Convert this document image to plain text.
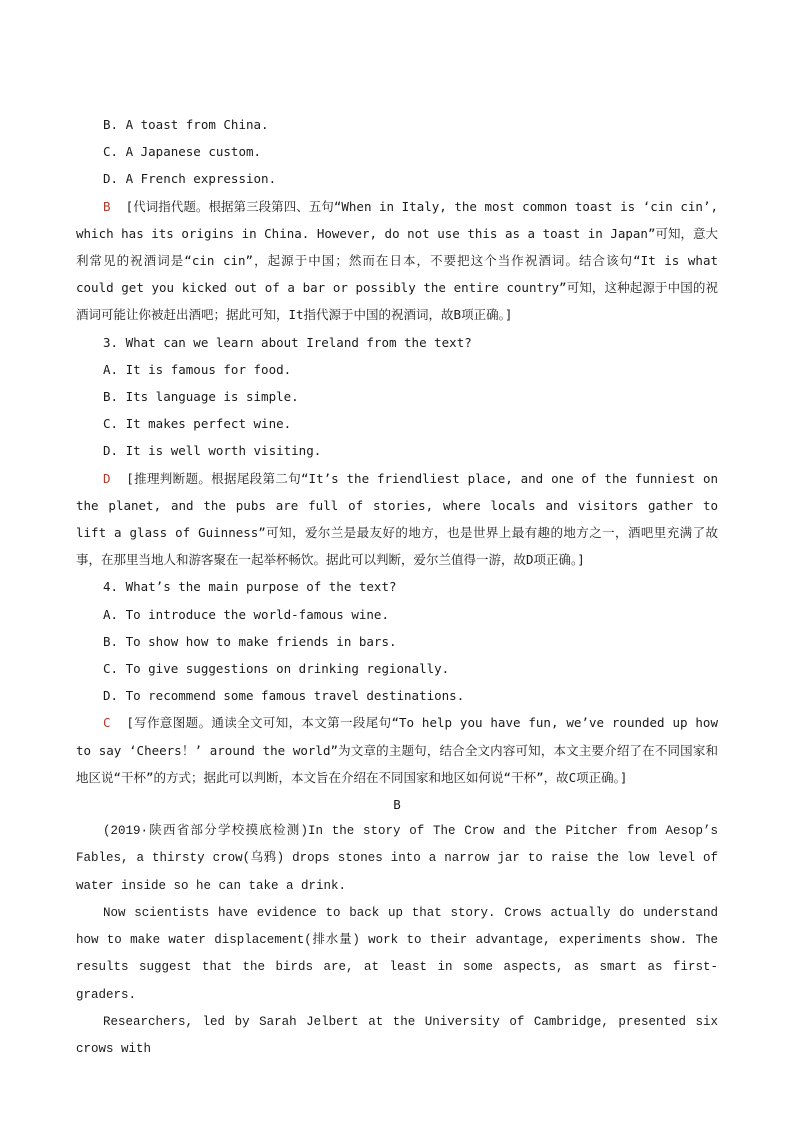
B. A toast from China.

C. A Japanese custom.

D. A French expression.

B [代词指代题。根据第三段第四、五句“When in Italy, the most common toast is ‘cin cin’, which has its origins in China. However, do not use this as a toast in Japan”可知，意大利常见的祝酒词是“cin cin”，起源于中国；然而在日本，不要把这个当作祝酒词。结合该句“It is what could get you kicked out of a bar or possibly the entire country”可知，这种起源于中国的祝酒词可能让你被赶出酒吧；据此可知，It指代源于中国的祝酒词，故B项正确。]

3. What can we learn about Ireland from the text?

A. It is famous for food.

B. Its language is simple.

C. It makes perfect wine.

D. It is well worth visiting.

D [推理判断题。根据尾段第二句“It’s the friendliest place, and one of the funniest on the planet, and the pubs are full of stories, where locals and visitors gather to lift a glass of Guinness”可知，爱尔兰是最友好的地方，也是世界上最有趣的地方之一，酒吧里充满了故事，在那里当地人和游客聚在一起举杯畅饮。据此可以判断，爱尔兰值得一游，故D项正确。]

4. What’s the main purpose of the text?

A. To introduce the world-famous wine.

B. To show how to make friends in bars.

C. To give suggestions on drinking regionally.

D. To recommend some famous travel destinations.

C [写作意图题。通读全文可知，本文第一段尾句“To help you have fun, we’ve rounded up how to say ‘Cheers！’ around the world”为文章的主题句，结合全文内容可知，本文主要介绍了在不同国家和地区说“干杯”的方式；据此可以判断，本文旨在介绍在不同国家和地区如何说“干杯”，故C项正确。]

B

(2019·陕西省部分学校摸底检测)In the story of The Crow and the Pitcher from Aesop’s Fables, a thirsty crow(乌鸦) drops stones into a narrow jar to raise the low level of water inside so he can take a drink.

Now scientists have evidence to back up that story. Crows actually do understand how to make water displacement(排水量) work to their advantage, experiments show. The results suggest that the birds are, at least in some aspects, as smart as first-graders.

Researchers, led by Sarah Jelbert at the University of Cambridge, presented six crows with
